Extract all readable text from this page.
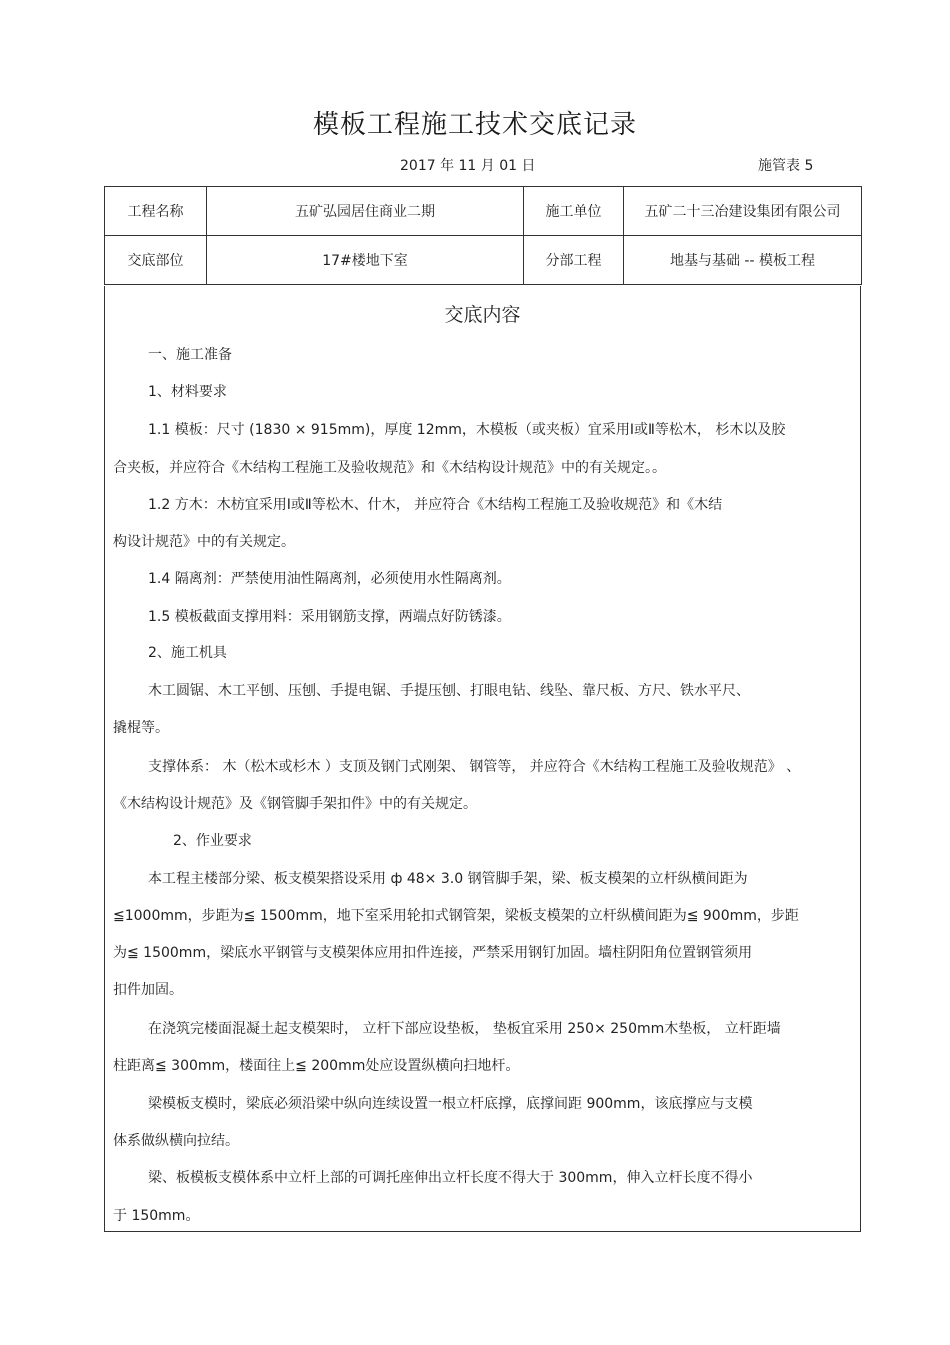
模板工程施工技术交底记录
2017 年 11 月 01 日	施管表 5
工程名称	五矿弘园居住商业二期	施工单位	五矿二十三冶建设集团有限公司
交底部位	17#楼地下室	分部工程	地基与基础 -- 模板工程
交底内容
一、施工准备
1、材料要求
1.1 模板：尺寸 (1830 × 915mm)，厚度 12mm，木模板（或夹板）宜采用Ⅰ或Ⅱ等松木， 杉木以及胶
合夹板，并应符合《木结构工程施工及验收规范》和《木结构设计规范》中的有关规定。。
1.2 方木：木枋宜采用Ⅰ或Ⅱ等松木、什木， 并应符合《木结构工程施工及验收规范》和《木结
构设计规范》中的有关规定。
1.4 隔离剂：严禁使用油性隔离剂，必须使用水性隔离剂。
1.5 模板截面支撑用料：采用钢筋支撑，两端点好防锈漆。
2、施工机具
木工圆锯、木工平刨、压刨、手提电锯、手提压刨、打眼电钻、线坠、靠尺板、方尺、铁水平尺、
撬棍等。
支撑体系： 木（松木或杉木 ）支顶及钢门式刚架、 钢管等， 并应符合《木结构工程施工及验收规范》 、
《木结构设计规范》及《钢管脚手架扣件》中的有关规定。
2、作业要求
本工程主楼部分梁、板支模架搭设采用 ф 48× 3.0 钢管脚手架，梁、板支模架的立杆纵横间距为
≦1000mm，步距为≦ 1500mm，地下室采用轮扣式钢管架，梁板支模架的立杆纵横间距为≦ 900mm，步距
为≦ 1500mm，梁底水平钢管与支模架体应用扣件连接，严禁采用钢钉加固。墙柱阴阳角位置钢管须用
扣件加固。
在浇筑完楼面混凝土起支模架时， 立杆下部应设垫板， 垫板宜采用 250× 250mm木垫板， 立杆距墙
柱距离≦ 300mm，楼面往上≦ 200mm处应设置纵横向扫地杆。
梁模板支模时，梁底必须沿梁中纵向连续设置一根立杆底撑，底撑间距 900mm，该底撑应与支模
体系做纵横向拉结。
梁、板模板支模体系中立杆上部的可调托座伸出立杆长度不得大于 300mm，伸入立杆长度不得小
于 150mm。
